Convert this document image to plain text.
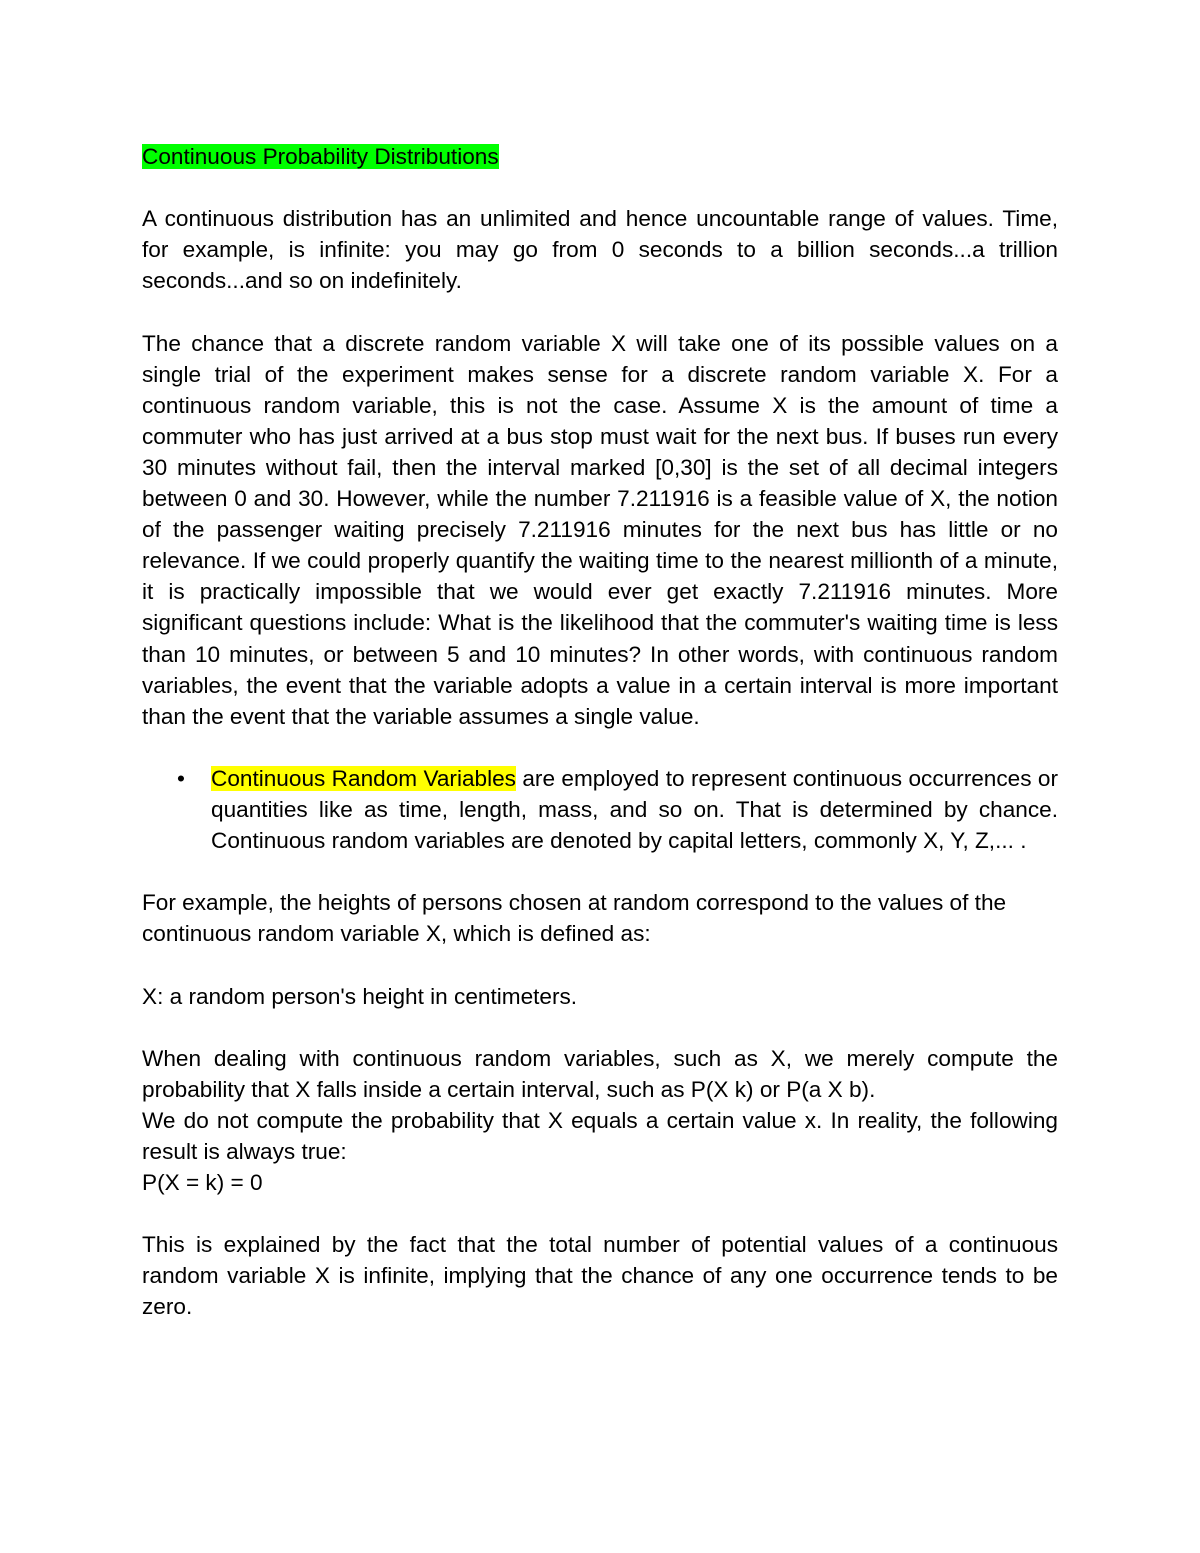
Continuous Probability Distributions

A continuous distribution has an unlimited and hence uncountable range of values. Time, for example, is infinite: you may go from 0 seconds to a billion seconds...a trillion seconds...and so on indefinitely.

The chance that a discrete random variable X will take one of its possible values on a single trial of the experiment makes sense for a discrete random variable X. For a continuous random variable, this is not the case. Assume X is the amount of time a commuter who has just arrived at a bus stop must wait for the next bus. If buses run every 30 minutes without fail, then the interval marked [0,30] is the set of all decimal integers between 0 and 30. However, while the number 7.211916 is a feasible value of X, the notion of the passenger waiting precisely 7.211916 minutes for the next bus has little or no relevance. If we could properly quantify the waiting time to the nearest millionth of a minute, it is practically impossible that we would ever get exactly 7.211916 minutes. More significant questions include: What is the likelihood that the commuter's waiting time is less than 10 minutes, or between 5 and 10 minutes? In other words, with continuous random variables, the event that the variable adopts a value in a certain interval is more important than the event that the variable assumes a single value.

• Continuous Random Variables are employed to represent continuous occurrences or quantities like as time, length, mass, and so on. That is determined by chance. Continuous random variables are denoted by capital letters, commonly X, Y, Z,... .

For example, the heights of persons chosen at random correspond to the values of the continuous random variable X, which is defined as:

X: a random person's height in centimeters.

When dealing with continuous random variables, such as X, we merely compute the probability that X falls inside a certain interval, such as P(X k) or P(a X b).

We do not compute the probability that X equals a certain value x. In reality, the following result is always true:

P(X = k) = 0

This is explained by the fact that the total number of potential values of a continuous random variable X is infinite, implying that the chance of any one occurrence tends to be zero.
